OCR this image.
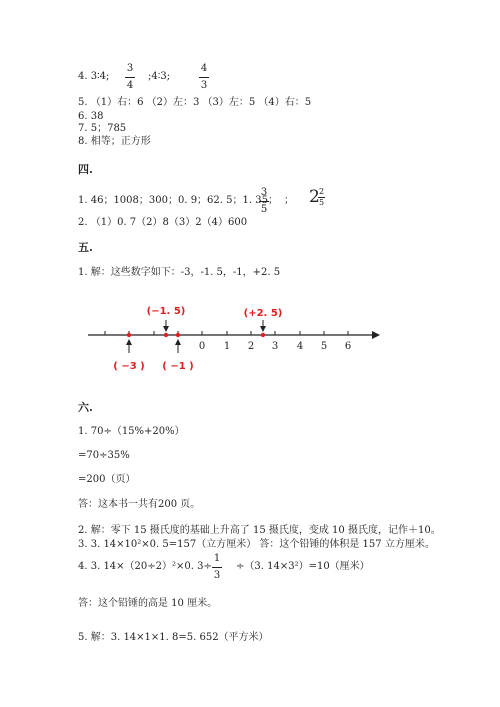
4. 3∶4;
3
4
;4∶3;
4
3
5. （1）右：6 （2）左：3 （3）左：5 （4）右：5
6. 38
7. 5；785
8. 相等；正方形
四.
1. 46；1008；300；0. 9；62. 5；1. 35；
3
5
； 2 2
5
2. （1）0. 7（2）8（3）2（4）600
五.
1. 解：这些数字如下：-3，-1. 5，-1，+2. 5
0 1 2 3 4 5 6
(−1. 5)	(+2. 5)
( −3 ) ( −1 )
六.
1. 70÷（15%+20%）
=70÷35%
=200（页）
答：这本书一共有200 页。
2. 解：零下 15 摄氏度的基础上升高了 15 摄氏度，变成 10 摄氏度，记作＋10。
3. 3. 14×10²×0. 5=157（立方厘米） 答：这个铅锤的体积是 157 立方厘米。
4. 3. 14×（20÷2）²×0. 3÷
1
3
÷（3. 14×3²）=10（厘米）
答：这个铅锤的高是 10 厘米。
5. 解：3. 14×1×1. 8=5. 652（平方米）
